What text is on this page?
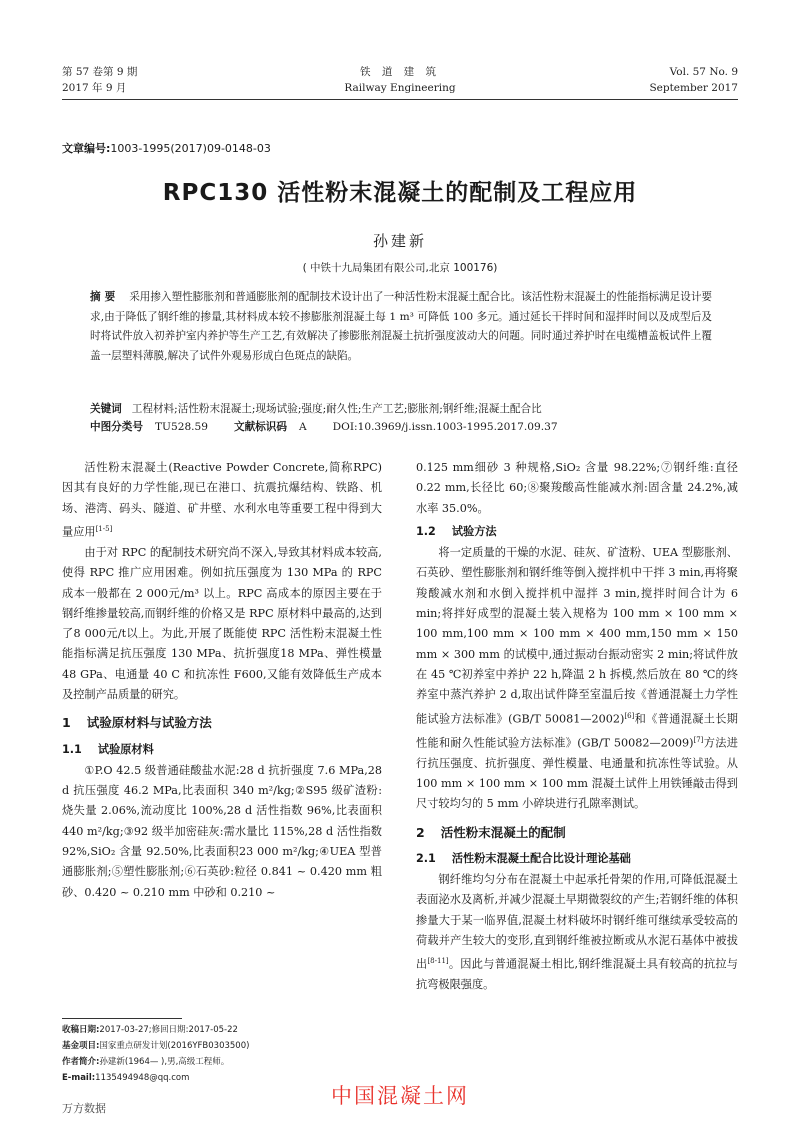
第 57 卷第 9 期
2017 年 9 月
铁 道 建 筑
Railway Engineering
Vol. 57 No. 9
September 2017
文章编号:1003-1995(2017)09-0148-03
RPC130 活性粉末混凝土的配制及工程应用
孙建新
( 中铁十九局集团有限公司,北京 100176)
摘要 采用掺入塑性膨胀剂和普通膨胀剂的配制技术设计出了一种活性粉末混凝土配合比。该活性粉末混凝土的性能指标满足设计要求,由于降低了钢纤维的掺量,其材料成本较不掺膨胀剂混凝土每 1 m³ 可降低 100 多元。通过延长干拌时间和湿拌时间以及成型后及时将试件放入初养护室内养护等生产工艺,有效解决了掺膨胀剂混凝土抗折强度波动大的问题。同时通过养护时在电缆槽盖板试件上覆盖一层塑料薄膜,解决了试件外观易形成白色斑点的缺陷。
关键词 工程材料;活性粉末混凝土;现场试验;强度;耐久性;生产工艺;膨胀剂;钢纤维;混凝土配合比
中图分类号 TU528.59 文献标识码 A DOI:10.3969/j.issn.1003-1995.2017.09.37

活性粉末混凝土(Reactive Powder Concrete,简称RPC)因其有良好的力学性能,现已在港口、抗震抗爆结构、铁路、机场、港湾、码头、隧道、矿井壁、水利水电等重要工程中得到大量应用[1-5]

由于对 RPC 的配制技术研究尚不深入,导致其材料成本较高,使得 RPC 推广应用困难。例如抗压强度为 130 MPa 的 RPC 成本一般都在 2 000元/m³ 以上。RPC 高成本的原因主要在于钢纤维掺量较高,而钢纤维的价格又是 RPC 原材料中最高的,达到了8 000元/t以上。为此,开展了既能使 RPC 活性粉末混凝土性能指标满足抗压强度 130 MPa、抗折强度18 MPa、弹性模量 48 GPa、电通量 40 C 和抗冻性 F600,又能有效降低生产成本及控制产品质量的研究。

1 试验原材料与试验方法
1.1 试验原材料

①P.O 42.5 级普通硅酸盐水泥:28 d 抗折强度 7.6 MPa,28 d 抗压强度 46.2 MPa,比表面积 340 m²/kg;②S95 级矿渣粉:烧失量 2.06%,流动度比 100%,28 d 活性指数 96%,比表面积 440 m²/kg;③92 级半加密硅灰:需水量比 115%,28 d 活性指数 92%,SiO₂ 含量 92.50%,比表面积23 000 m²/kg;④UEA 型普通膨胀剂;⑤塑性膨胀剂;⑥石英砂:粒径 0.841 ~ 0.420 mm 粗砂、0.420 ~ 0.210 mm 中砂和 0.210 ~

0.125 mm细砂 3 种规格,SiO₂ 含量 98.22%;⑦钢纤维:直径 0.22 mm,长径比 60;⑧聚羧酸高性能减水剂:固含量 24.2%,减水率 35.0%。

1.2 试验方法

将一定质量的干燥的水泥、硅灰、矿渣粉、UEA 型膨胀剂、石英砂、塑性膨胀剂和钢纤维等倒入搅拌机中干拌 3 min,再将聚羧酸减水剂和水倒入搅拌机中湿拌 3 min,搅拌时间合计为 6 min;将拌好成型的混凝土装入规格为 100 mm × 100 mm × 100 mm,100 mm × 100 mm × 400 mm,150 mm × 150 mm × 300 mm 的试模中,通过振动台振动密实 2 min;将试件放在 45 ℃初养室中养护 22 h,降温 2 h 拆模,然后放在 80 ℃的终养室中蒸汽养护 2 d,取出试件降至室温后按《普通混凝土力学性能试验方法标准》(GB/T 50081—2002)[6]和《普通混凝土长期性能和耐久性能试验方法标准》(GB/T 50082—2009)[7]方法进行抗压强度、抗折强度、弹性模量、电通量和抗冻性等试验。从 100 mm × 100 mm × 100 mm 混凝土试件上用铁锤敲击得到尺寸较均匀的 5 mm 小碎块进行孔隙率测试。

2 活性粉末混凝土的配制
2.1 活性粉末混凝土配合比设计理论基础

钢纤维均匀分布在混凝土中起承托骨架的作用,可降低混凝土表面泌水及离析,并减少混凝土早期微裂纹的产生;若钢纤维的体积掺量大于某一临界值,混凝土材料破坏时钢纤维可继续承受较高的荷载并产生较大的变形,直到钢纤维被拉断或从水泥石基体中被拔出[8-11]。因此与普通混凝土相比,钢纤维混凝土具有较高的抗拉与抗弯极限强度。

收稿日期:2017-03-27;修回日期:2017-05-22
基金项目:国家重点研发计划(2016YFB0303500)
作者简介:孙建新(1964— ),男,高级工程师。
E-mail:1135494948@qq.com
中国混凝土网
万方数据
